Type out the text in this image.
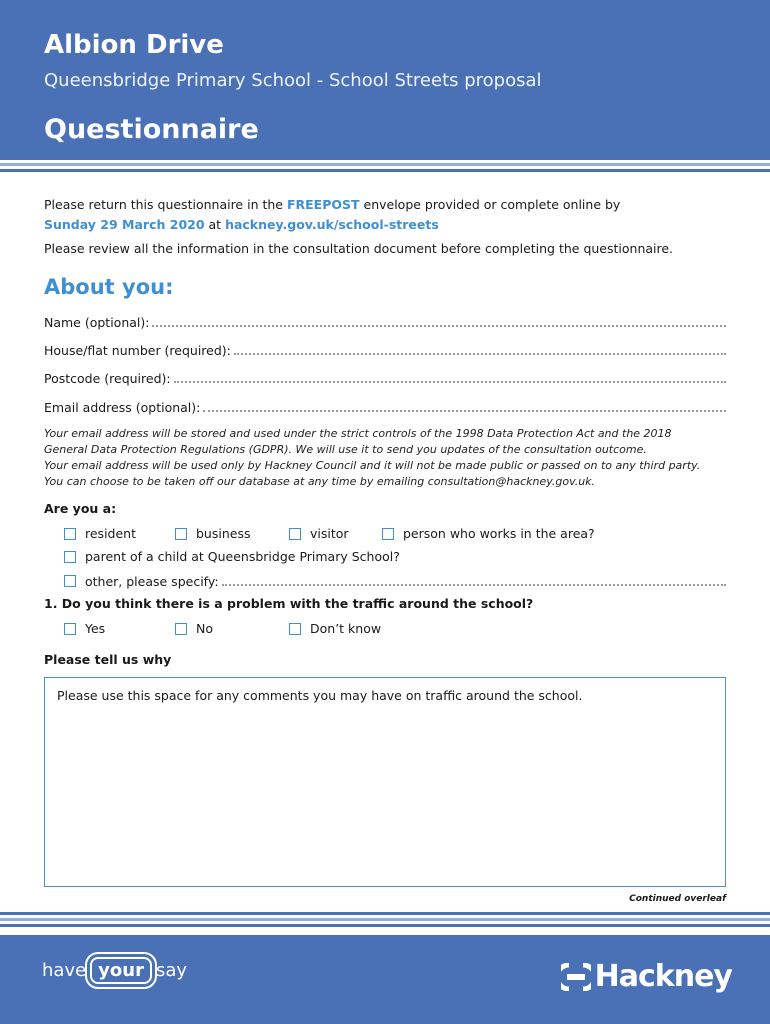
Albion Drive
Queensbridge Primary School - School Streets proposal
Questionnaire
Please return this questionnaire in the FREEPOST envelope provided or complete online by
Sunday 29 March 2020 at hackney.gov.uk/school-streets
Please review all the information in the consultation document before completing the questionnaire.
About you:
Name (optional):
House/flat number (required):
Postcode (required):
Email address (optional):
Your email address will be stored and used under the strict controls of the 1998 Data Protection Act and the 2018
General Data Protection Regulations (GDPR). We will use it to send you updates of the consultation outcome.
Your email address will be used only by Hackney Council and it will not be made public or passed on to any third party.
You can choose to be taken off our database at any time by emailing consultation@hackney.gov.uk.
Are you a:
resident	business	visitor	person who works in the area?
parent of a child at Queensbridge Primary School?
other, please specify:
1. Do you think there is a problem with the traffic around the school?
Yes	No	Don’t know
Please tell us why
Please use this space for any comments you may have on traffic around the school.
Continued overleaf
have your say	Hackney
